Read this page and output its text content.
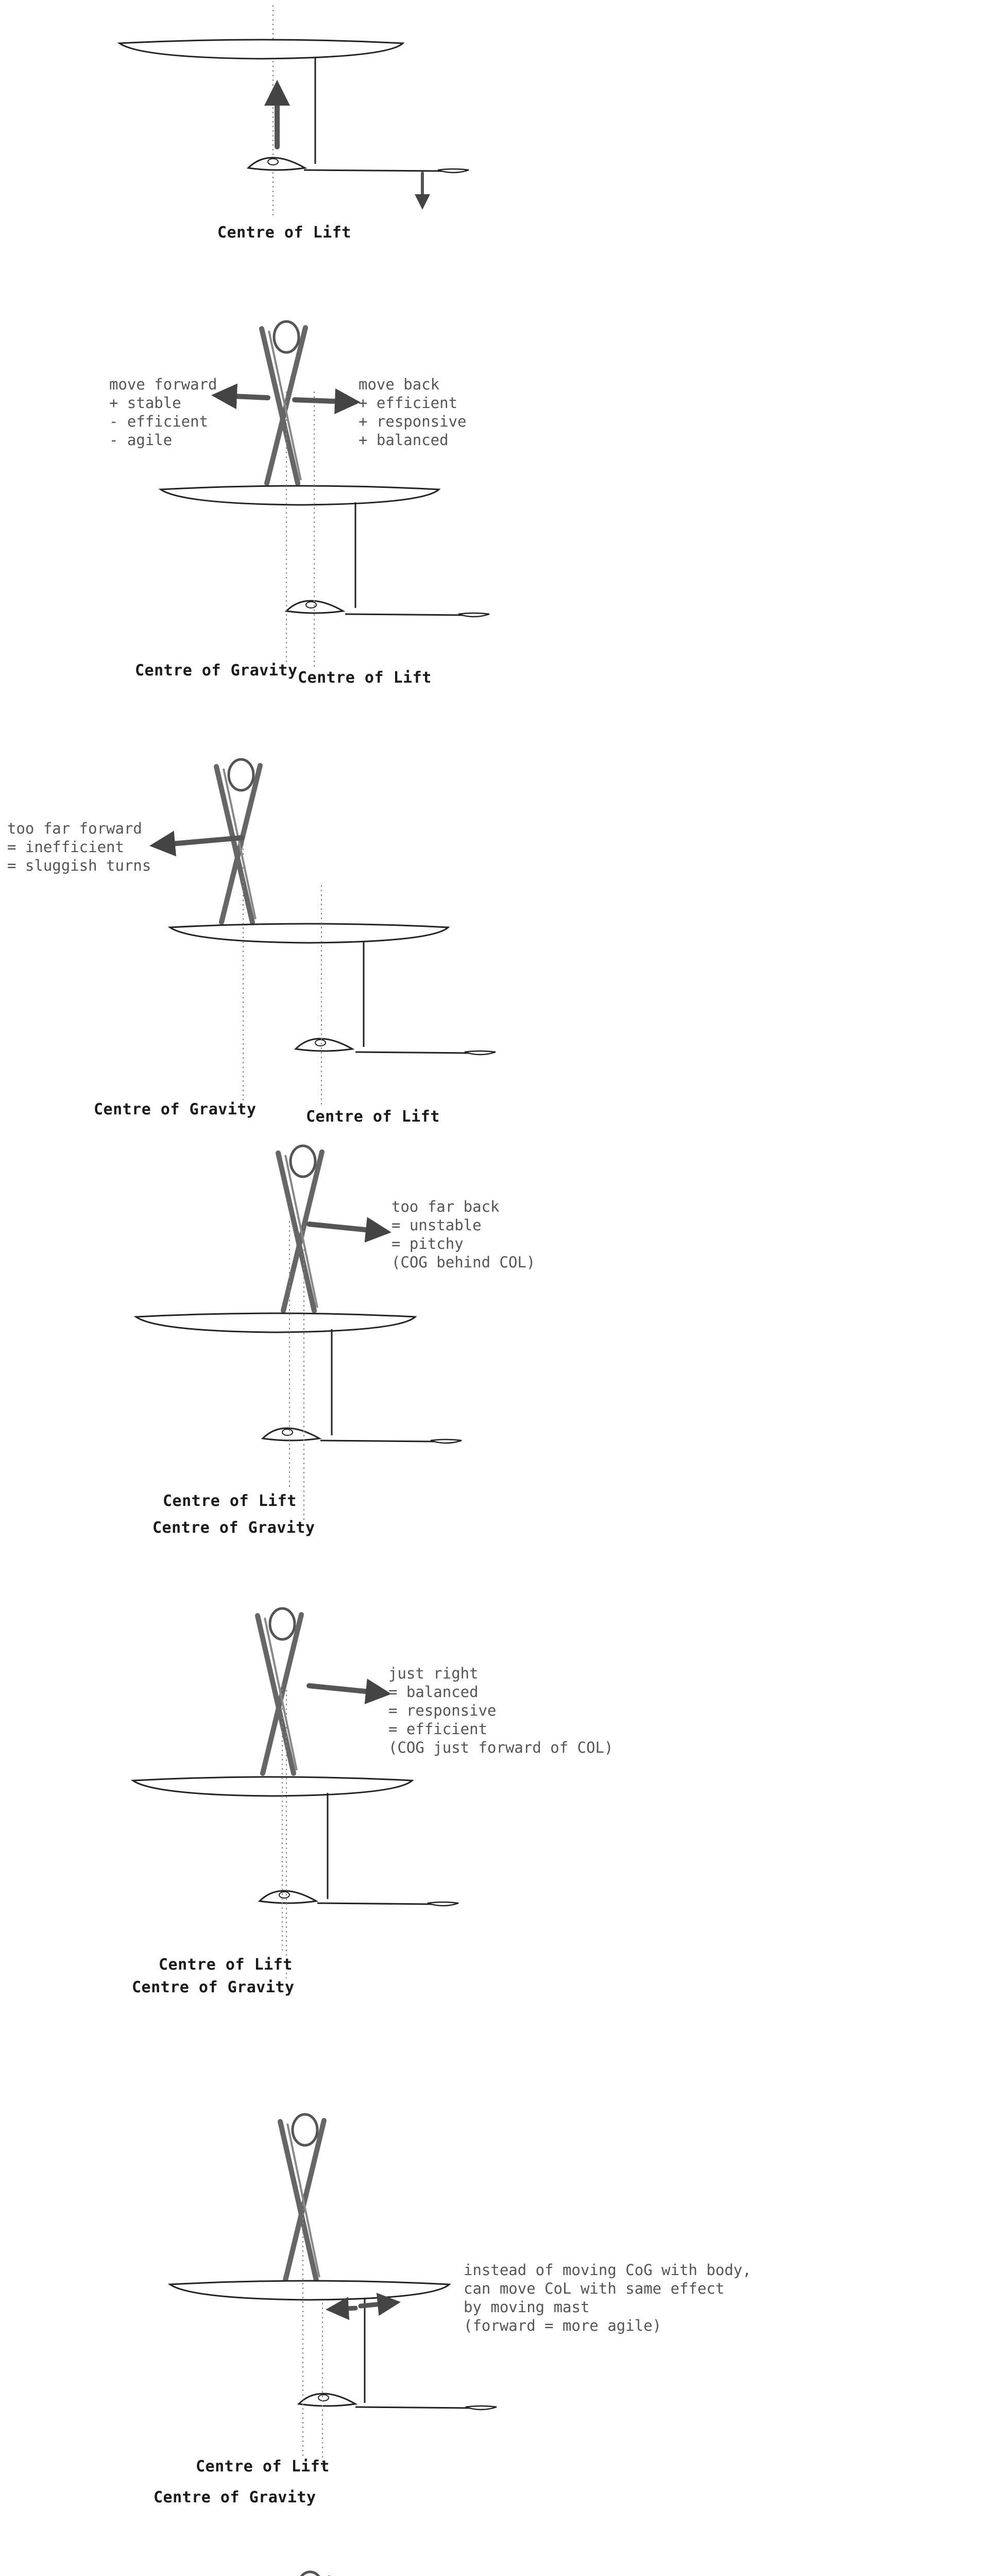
Centre of Lift
move forward
+ stable
- efficient
- agile
move back
+ efficient
+ responsive
+ balanced
Centre of Gravity Centre of Lift
too far forward
= inefficient
= sluggish turns
Centre of Gravity	Centre of Lift
too far back
= unstable
= pitchy
(COG behind COL)
Centre of Lift
Centre of Gravity
just right
= balanced
= responsive
= efficient
(COG just forward of COL)
Centre of Lift
Centre of Gravity
instead of moving CoG with body,
can move CoL with same effect
by moving mast
(forward = more agile)
Centre of Lift
Centre of Gravity
